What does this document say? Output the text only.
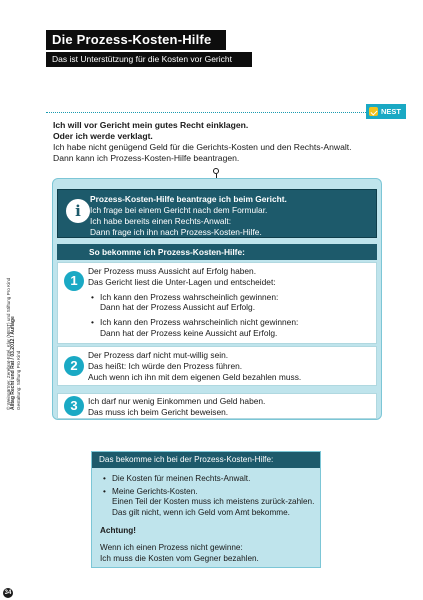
Die Prozess-Kosten-Hilfe
Das ist Unterstützung für die Kosten vor Gericht
NEST
Ich will vor Gericht mein gutes Recht einklagen.
Oder ich werde verklagt.
Ich habe nicht genügend Geld für die Gerichts-Kosten und den Rechts-Anwalt.
Dann kann ich Prozess-Kosten-Hilfe beantragen.
i
Prozess-Kosten-Hilfe beantrage ich beim Gericht.
Ich frage bei einem Gericht nach dem Formular.
Ich habe bereits einen Rechts-Anwalt:
Dann frage ich ihn nach Prozess-Kosten-Hilfe.
So bekomme ich Prozess-Kosten-Hilfe:
1
Der Prozess muss Aussicht auf Erfolg haben.
Das Gericht liest die Unter-Lagen und entscheidet:
• Ich kann den Prozess wahrscheinlich gewinnen:
Dann hat der Prozess Aussicht auf Erfolg.
• Ich kann den Prozess wahrscheinlich nicht gewinnen:
Dann hat der Prozess keine Aussicht auf Erfolg.
2
Der Prozess darf nicht mut-willig sein.
Das heißt: Ich würde den Prozess führen.
Auch wenn ich ihn mit dem eigenen Geld bezahlen muss.
3	Ich darf nur wenig Einkommen und Geld haben.
Das muss ich beim Gericht beweisen.
Das bekomme ich bei der Prozess-Kosten-Hilfe:
• Die Kosten für meinen Rechts-Anwalt.
• Meine Gerichts-Kosten.
Einen Teil der Kosten muss ich meistens zurück-zahlen.
Das gilt nicht, wenn ich Geld vom Amt bekomme.
Achtung!
Wenn ich einen Prozess nicht gewinne:
Ich muss die Kosten vom Gegner bezahlen.
© Weingärtner, Zerebrat-Ertel, Klar (NEST) und Stiftung Pro Kind Alltag Recht und Rat / 03.2012 / Auflage Gestaltung: Stiftung Pro Kind
34
